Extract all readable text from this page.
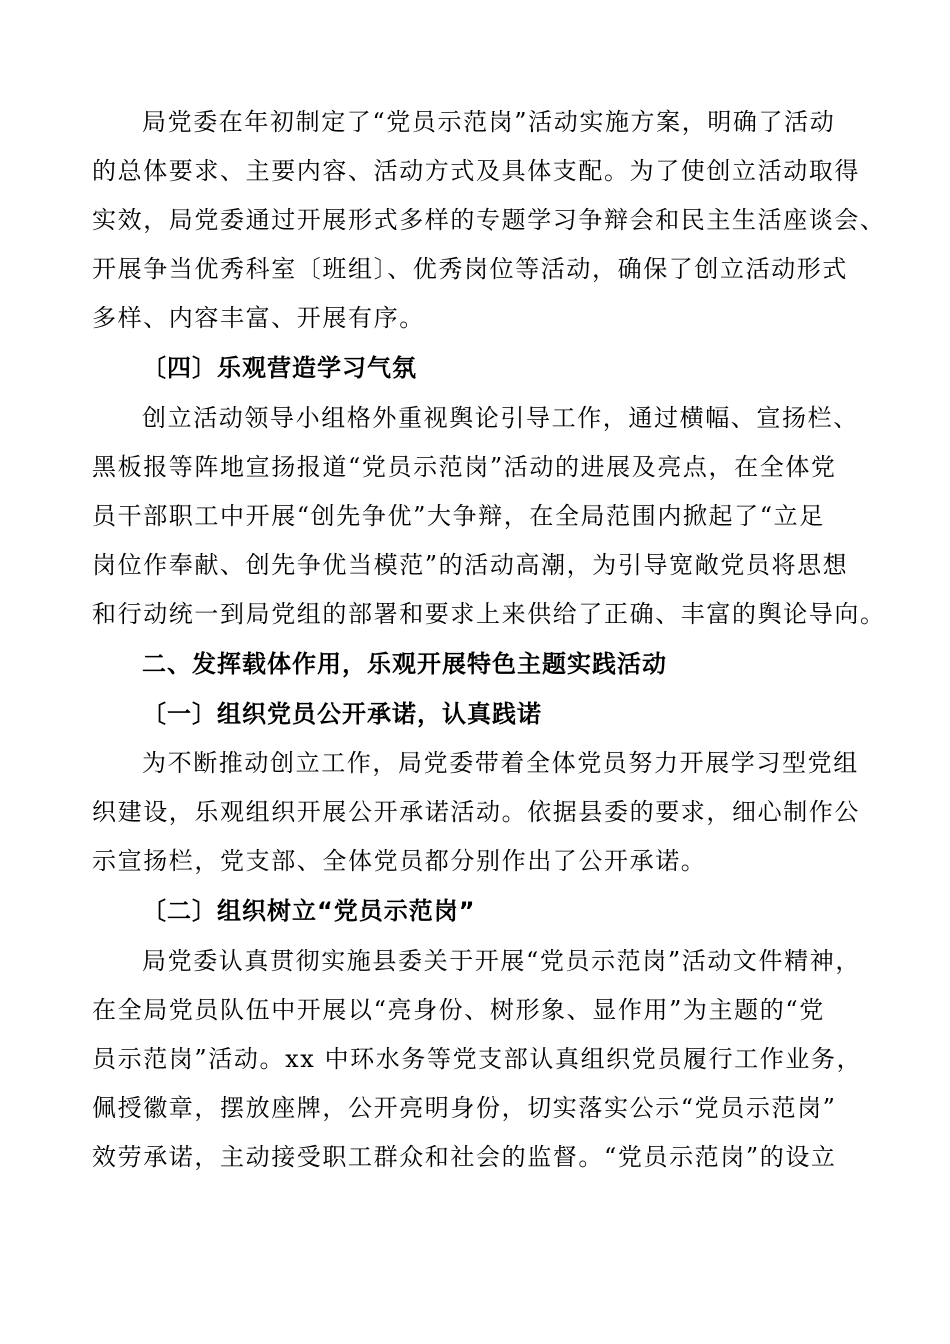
局党委在年初制定了“党员示范岗”活动实施方案，明确了活动
的总体要求、主要内容、活动方式及具体支配。为了使创立活动取得
实效，局党委通过开展形式多样的专题学习争辩会和民主生活座谈会、
开展争当优秀科室〔班组〕、优秀岗位等活动，确保了创立活动形式
多样、内容丰富、开展有序。
〔四〕乐观营造学习气氛
创立活动领导小组格外重视舆论引导工作，通过横幅、宣扬栏、
黑板报等阵地宣扬报道“党员示范岗”活动的进展及亮点，在全体党
员干部职工中开展“创先争优”大争辩，在全局范围内掀起了“立足
岗位作奉献、创先争优当模范”的活动高潮，为引导宽敞党员将思想
和行动统一到局党组的部署和要求上来供给了正确、丰富的舆论导向。
二、发挥载体作用，乐观开展特色主题实践活动
〔一〕组织党员公开承诺，认真践诺
为不断推动创立工作，局党委带着全体党员努力开展学习型党组
织建设，乐观组织开展公开承诺活动。依据县委的要求，细心制作公
示宣扬栏，党支部、全体党员都分别作出了公开承诺。
〔二〕组织树立“党员示范岗”
局党委认真贯彻实施县委关于开展“党员示范岗”活动文件精神，
在全局党员队伍中开展以“亮身份、树形象、显作用”为主题的“党
员示范岗”活动。xx 中环水务等党支部认真组织党员履行工作业务，
佩授徽章，摆放座牌，公开亮明身份，切实落实公示“党员示范岗”
效劳承诺，主动接受职工群众和社会的监督。“党员示范岗”的设立
